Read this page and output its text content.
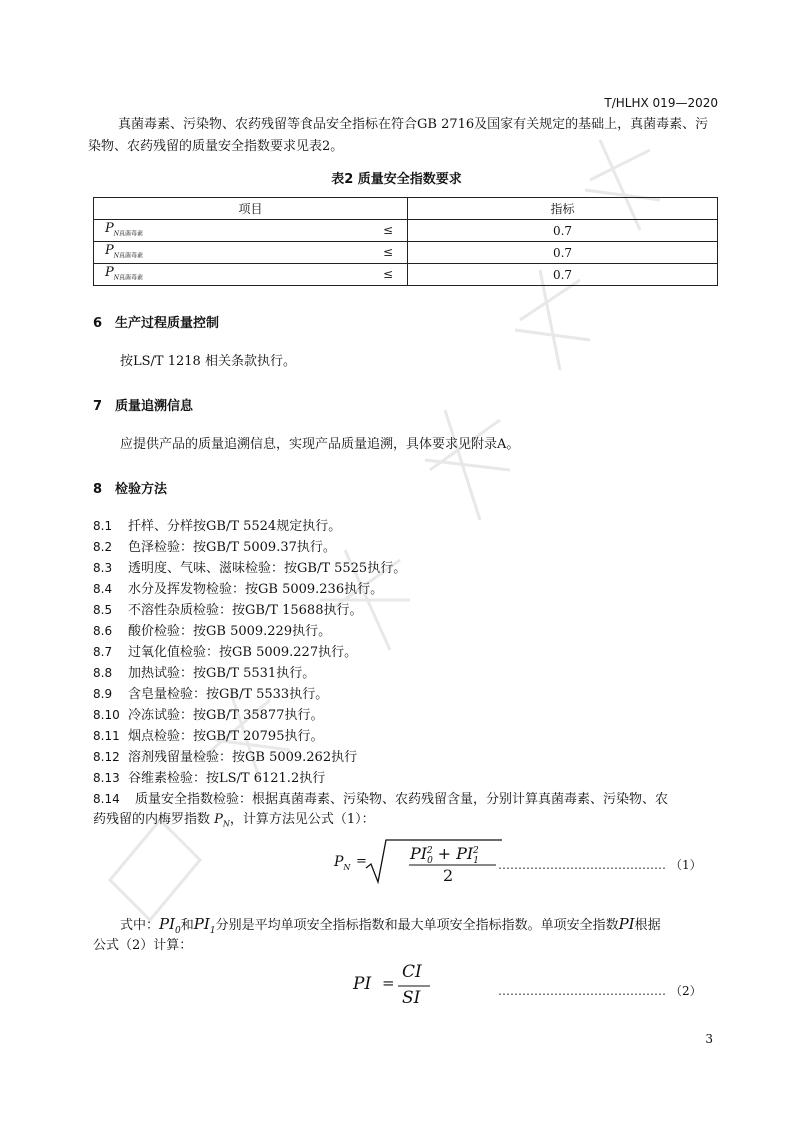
T/HLHX 019—2020

真菌毒素、污染物、农药残留等食品安全指标在符合GB 2716及国家有关规定的基础上，真菌毒素、污染物、农药残留的质量安全指数要求见表2。

表2 质量安全指数要求
项目	指标

$P_{N真菌毒素}$ ≤	0.7

$P_{N真菌毒素}$ ≤	0.7

$P_{N真菌毒素}$ ≤	0.7
6 生产过程质量控制
按LS/T 1218 相关条款执行。
7 质量追溯信息
应提供产品的质量追溯信息，实现产品质量追溯，具体要求见附录A。
8 检验方法
8.1 扦样、分样按GB/T 5524规定执行。
8.2 色泽检验：按GB/T 5009.37执行。
8.3 透明度、气味、滋味检验：按GB/T 5525执行。
8.4 水分及挥发物检验：按GB 5009.236执行。
8.5 不溶性杂质检验：按GB/T 15688执行。
8.6 酸价检验：按GB 5009.229执行。
8.7 过氧化值检验：按GB 5009.227执行。
8.8 加热试验：按GB/T 5531执行。
8.9 含皂量检验：按GB/T 5533执行。
8.10 冷冻试验：按GB/T 35877执行。
8.11 烟点检验：按GB/T 20795执行。
8.12 溶剂残留量检验：按GB 5009.262执行
8.13 谷维素检验：按LS/T 6121.2执行
8.14 质量安全指数检验：根据真菌毒素、污染物、农药残留含量，分别计算真菌毒素、污染物、农
药残留的内梅罗指数 $P_N$，计算方法见公式（1）：
$P_N$ =	$PI_0^2 + PI_1^2$
2
…………………………………… （1）
式中：$PI_0$和$PI_1$分别是平均单项安全指标指数和最大单项安全指标指数。单项安全指数PI根据
公式（2）计算：
PI =
CI
SI	…………………………………… （2）
3
